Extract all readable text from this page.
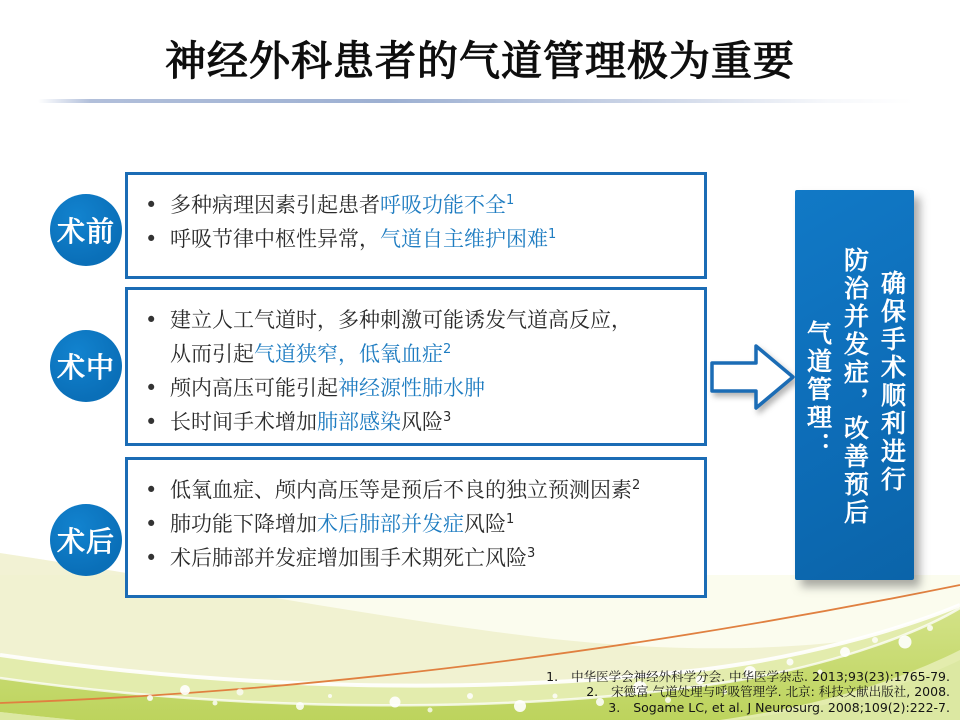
神经外科患者的气道管理极为重要
术前
术中
术后
• 多种病理因素引起患者呼吸功能不全$^1$
• 呼吸节律中枢性异常，气道自主维护困难$^1$
• 建立人工气道时，多种刺激可能诱发气道高反应，
从而引起气道狭窄，低氧血症$^2$
• 颅内高压可能引起神经源性肺水肿
• 长时间手术增加肺部感染风险$^3$
• 低氧血症、颅内高压等是预后不良的独立预测因素$^2$
• 肺功能下降增加术后肺部并发症风险$^1$
• 术后肺部并发症增加围手术期死亡风险$^3$
气道管理： 防治并发症，改善预后 确保手术顺利进行
1. 中华医学会神经外科学分会. 中华医学杂志. 2013;93(23):1765-79.
2. 宋德富.气道处理与呼吸管理学. 北京: 科技文献出版社, 2008.
3. Sogame LC, et al. J Neurosurg. 2008;109(2):222-7.
